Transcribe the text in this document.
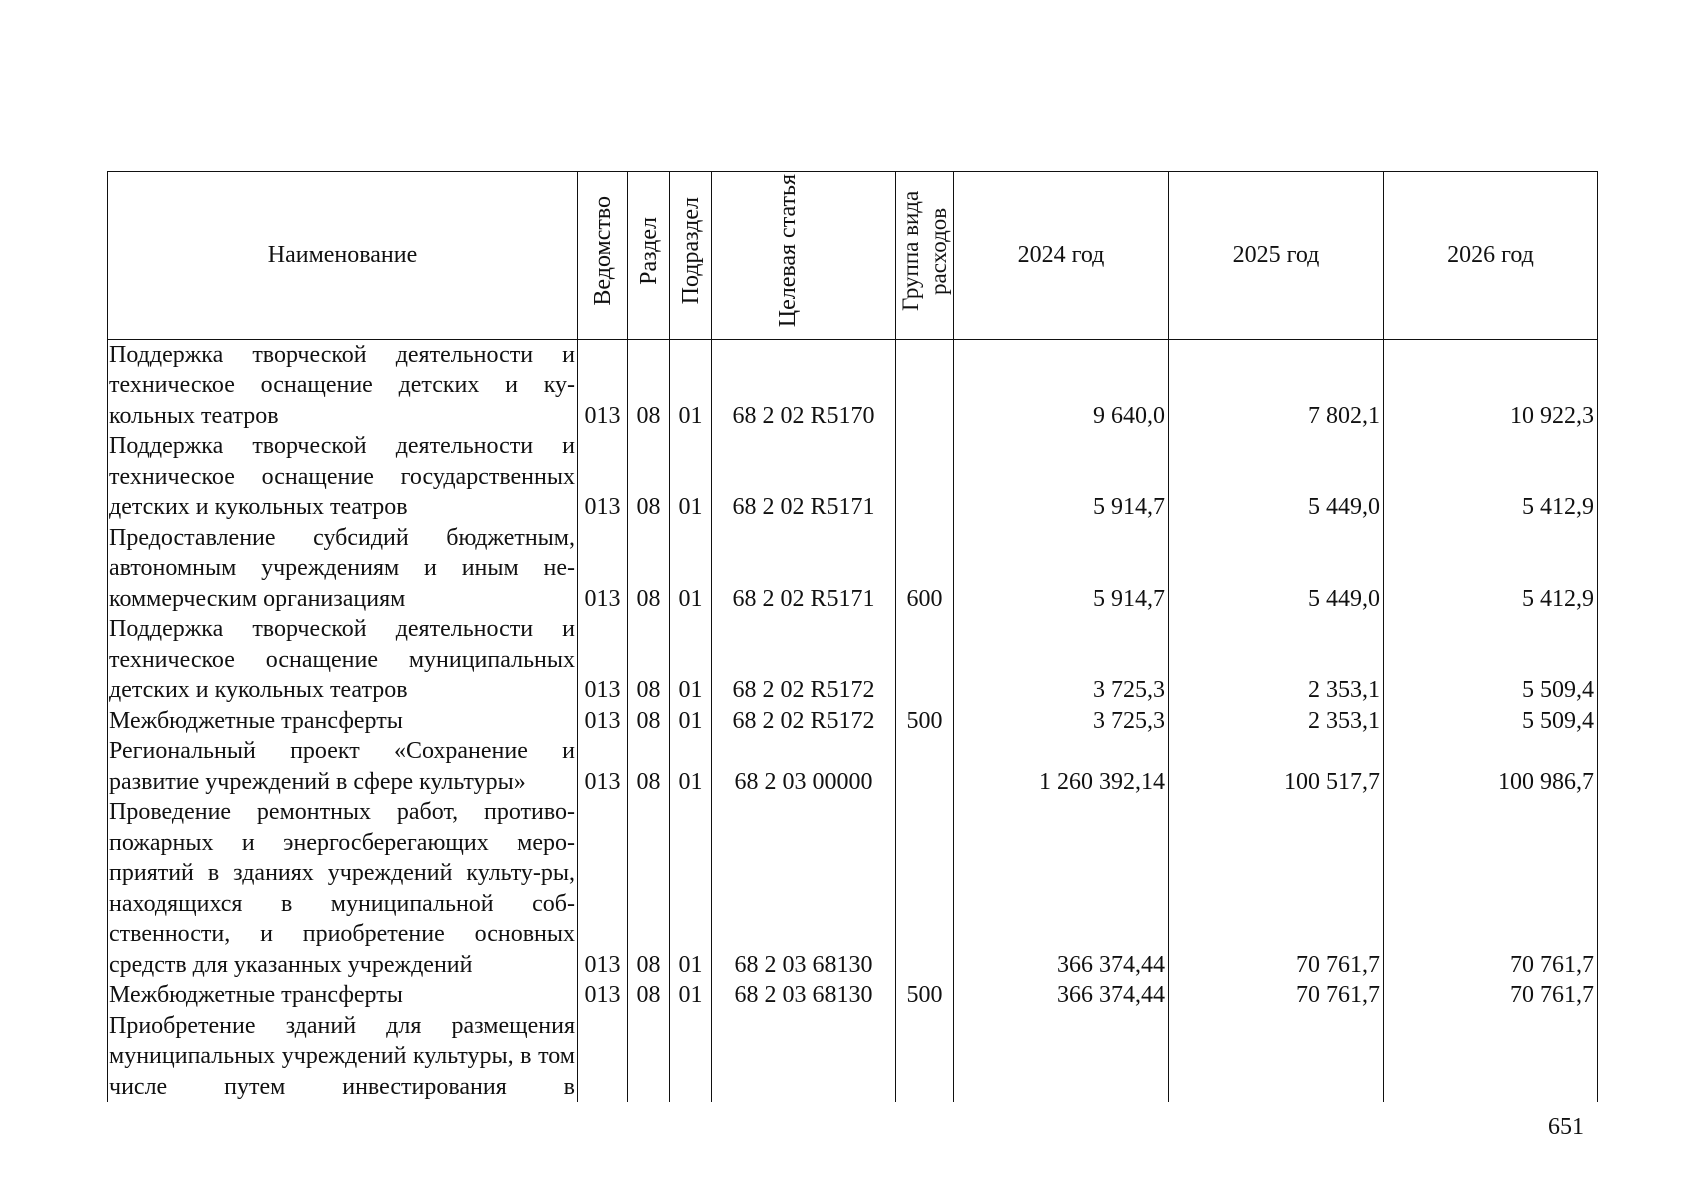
Наименование	Ведомство	Раздел	Подраздел	Целевая статья	Группа вида расходов	2024 год	2025 год	2026 год
Поддержка творческой деятельности и техническое оснащение детских и ку-кольных театров	013	08	01	68 2 02 R5170		9 640,0	7 802,1	10 922,3
Поддержка творческой деятельности и техническое оснащение государственных детских и кукольных театров	013	08	01	68 2 02 R5171		5 914,7	5 449,0	5 412,9
Предоставление субсидий бюджетным, автономным учреждениям и иным не-коммерческим организациям	013	08	01	68 2 02 R5171	600	5 914,7	5 449,0	5 412,9
Поддержка творческой деятельности и техническое оснащение муниципальных детских и кукольных театров	013	08	01	68 2 02 R5172		3 725,3	2 353,1	5 509,4
Межбюджетные трансферты	013	08	01	68 2 02 R5172	500	3 725,3	2 353,1	5 509,4
Региональный проект «Сохранение и развитие учреждений в сфере культуры»	013	08	01	68 2 03 00000		1 260 392,14	100 517,7	100 986,7
Проведение ремонтных работ, противо-пожарных и энергосберегающих меро-приятий в зданиях учреждений культу-ры, находящихся в муниципальной соб-ственности, и приобретение основных средств для указанных учреждений	013	08	01	68 2 03 68130		366 374,44	70 761,7	70 761,7
Межбюджетные трансферты	013	08	01	68 2 03 68130	500	366 374,44	70 761,7	70 761,7
Приобретение зданий для размещения муниципальных учреждений культуры, в том числе путем инвестирования в								
651
